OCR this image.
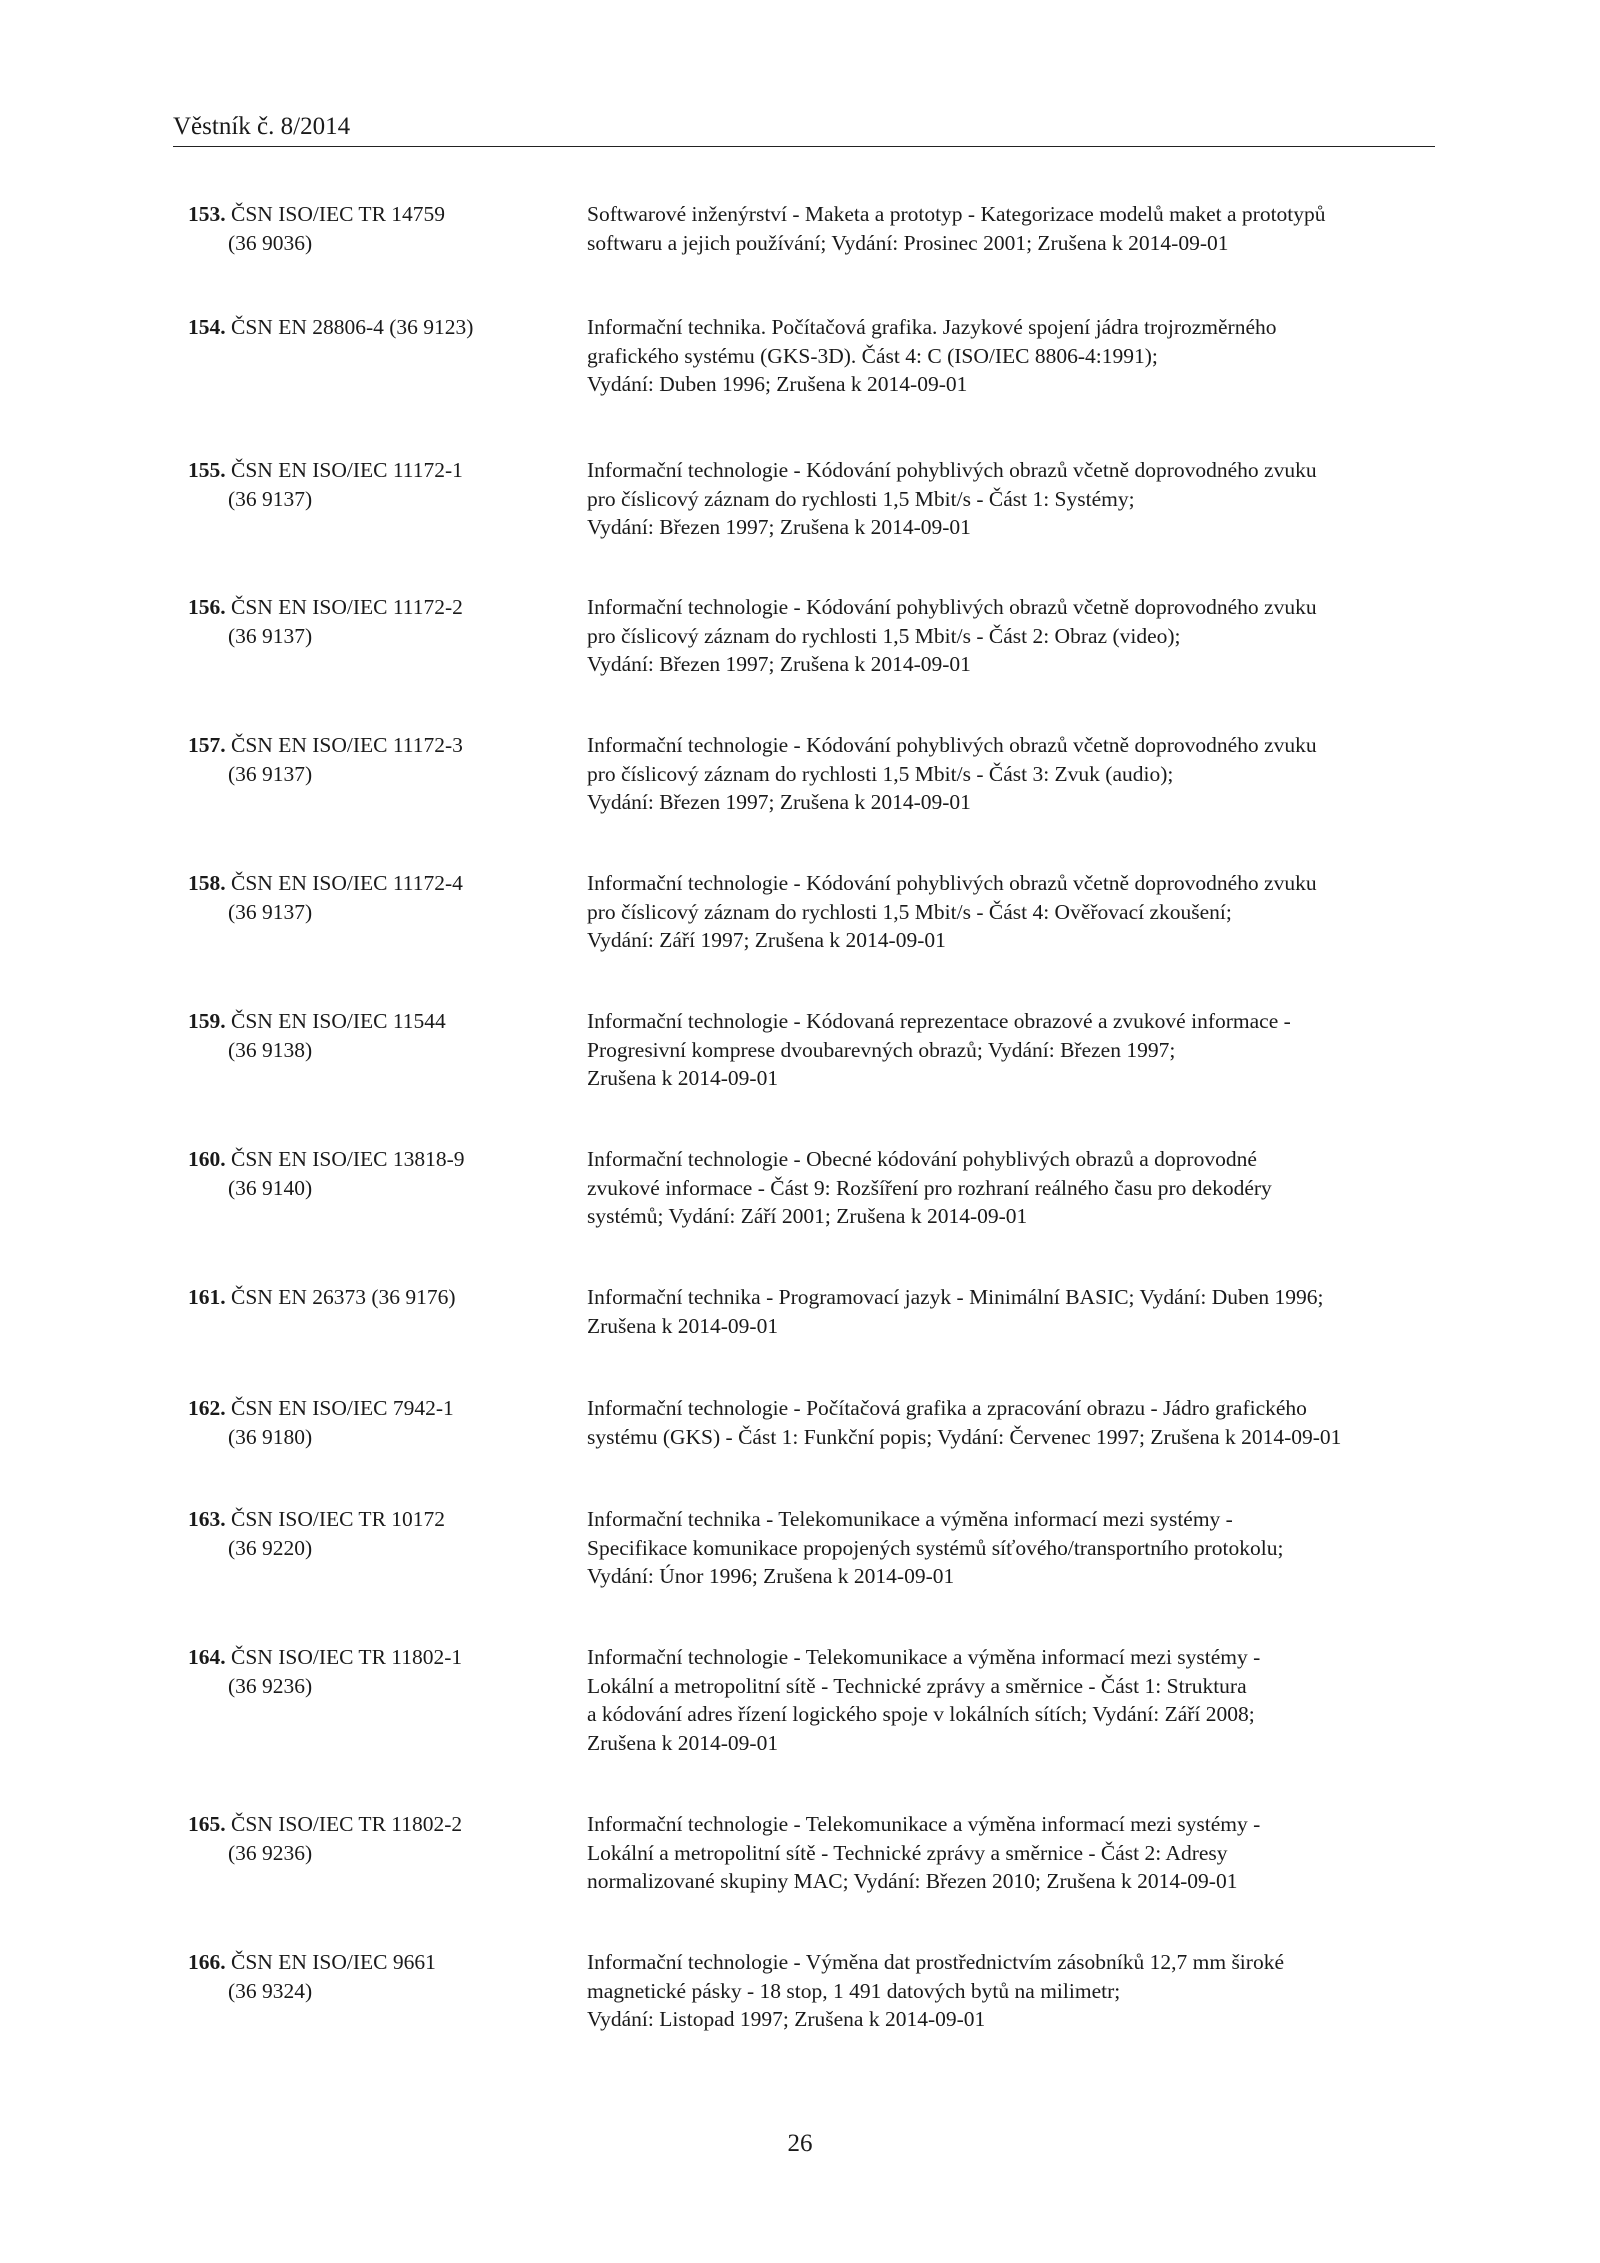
Věstník č. 8/2014
153. ČSN ISO/IEC TR 14759
(36 9036)
Softwarové inženýrství - Maketa a prototyp - Kategorizace modelů maket a prototypů
softwaru a jejich používání; Vydání: Prosinec 2001; Zrušena k 2014-09-01
154. ČSN EN 28806-4 (36 9123)	Informační technika. Počítačová grafika. Jazykové spojení jádra trojrozměrného
grafického systému (GKS-3D). Část 4: C (ISO/IEC 8806-4:1991);
Vydání: Duben 1996; Zrušena k 2014-09-01
155. ČSN EN ISO/IEC 11172-1
(36 9137)
Informační technologie - Kódování pohyblivých obrazů včetně doprovodného zvuku
pro číslicový záznam do rychlosti 1,5 Mbit/s - Část 1: Systémy;
Vydání: Březen 1997; Zrušena k 2014-09-01
156. ČSN EN ISO/IEC 11172-2
(36 9137)
Informační technologie - Kódování pohyblivých obrazů včetně doprovodného zvuku
pro číslicový záznam do rychlosti 1,5 Mbit/s - Část 2: Obraz (video);
Vydání: Březen 1997; Zrušena k 2014-09-01
157. ČSN EN ISO/IEC 11172-3
(36 9137)
Informační technologie - Kódování pohyblivých obrazů včetně doprovodného zvuku
pro číslicový záznam do rychlosti 1,5 Mbit/s - Část 3: Zvuk (audio);
Vydání: Březen 1997; Zrušena k 2014-09-01
158. ČSN EN ISO/IEC 11172-4
(36 9137)
Informační technologie - Kódování pohyblivých obrazů včetně doprovodného zvuku
pro číslicový záznam do rychlosti 1,5 Mbit/s - Část 4: Ověřovací zkoušení;
Vydání: Září 1997; Zrušena k 2014-09-01
159. ČSN EN ISO/IEC 11544
(36 9138)
Informační technologie - Kódovaná reprezentace obrazové a zvukové informace -
Progresivní komprese dvoubarevných obrazů; Vydání: Březen 1997;
Zrušena k 2014-09-01
160. ČSN EN ISO/IEC 13818-9
(36 9140)
Informační technologie - Obecné kódování pohyblivých obrazů a doprovodné
zvukové informace - Část 9: Rozšíření pro rozhraní reálného času pro dekodéry
systémů; Vydání: Září 2001; Zrušena k 2014-09-01
161. ČSN EN 26373 (36 9176)	Informační technika - Programovací jazyk - Minimální BASIC; Vydání: Duben 1996;
Zrušena k 2014-09-01
162. ČSN EN ISO/IEC 7942-1
(36 9180)
Informační technologie - Počítačová grafika a zpracování obrazu - Jádro grafického
systému (GKS) - Část 1: Funkční popis; Vydání: Červenec 1997; Zrušena k 2014-09-01
163. ČSN ISO/IEC TR 10172
(36 9220)
Informační technika - Telekomunikace a výměna informací mezi systémy -
Specifikace komunikace propojených systémů síťového/transportního protokolu;
Vydání: Únor 1996; Zrušena k 2014-09-01
164. ČSN ISO/IEC TR 11802-1
(36 9236)
Informační technologie - Telekomunikace a výměna informací mezi systémy -
Lokální a metropolitní sítě - Technické zprávy a směrnice - Část 1: Struktura
a kódování adres řízení logického spoje v lokálních sítích; Vydání: Září 2008;
Zrušena k 2014-09-01
165. ČSN ISO/IEC TR 11802-2
(36 9236)
Informační technologie - Telekomunikace a výměna informací mezi systémy -
Lokální a metropolitní sítě - Technické zprávy a směrnice - Část 2: Adresy
normalizované skupiny MAC; Vydání: Březen 2010; Zrušena k 2014-09-01
166. ČSN EN ISO/IEC 9661
(36 9324)
Informační technologie - Výměna dat prostřednictvím zásobníků 12,7 mm široké
magnetické pásky - 18 stop, 1 491 datových bytů na milimetr;
Vydání: Listopad 1997; Zrušena k 2014-09-01
26
